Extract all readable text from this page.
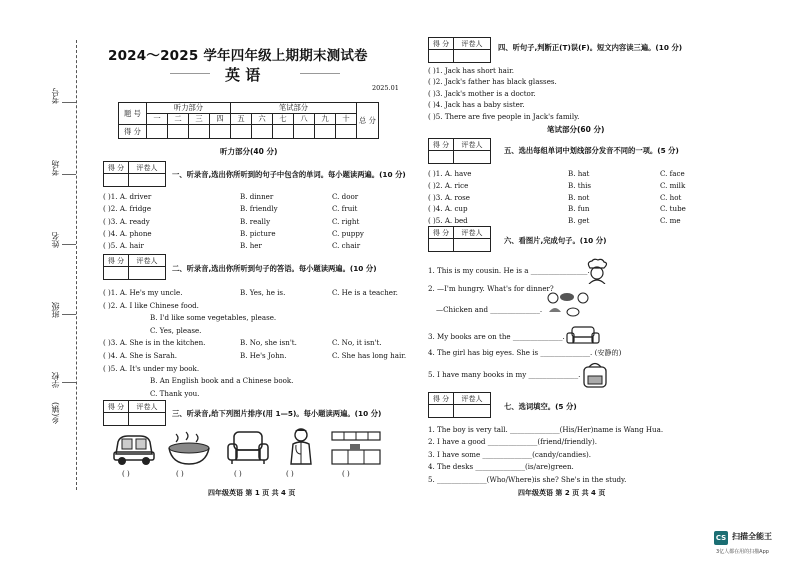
考号
考场
姓名
班级
学校
乡(镇)
2024～2025 学年四年级上期期末测试卷
英 语
2025.01
题 号	听力部分				笔试部分						总 分
	一	二	三	四	五	六	七	八	九	十	
得 分											
听力部分(40 分)
得 分	评卷人
一、听录音,选出你所听到的句子中包含的单词。每小题读两遍。(10 分)
( )1. A. driver	B. dinner	C. door
( )2. A. fridge	B. friendly	C. fruit
( )3. A. ready	B. really	C. right
( )4. A. phone	B. picture	C. puppy
( )5. A. hair	B. her	C. chair
得 分	评卷人
二、听录音,选出你所听到句子的答语。每小题读两遍。(10 分)
( )1. A. He's my uncle.	B. Yes, he is.	C. He is a teacher.
( )2. A. I like Chinese food.
B. I'd like some vegetables, please.
C. Yes, please.
( )3. A. She is in the kitchen.	B. No, she isn't.	C. No, it isn't.
( )4. A. She is Sarah.	B. He's John.	C. She has long hair.
( )5. A. It's under my book.
B. An English book and a Chinese book.
C. Thank you.
得 分	评卷人
三、听录音,给下列图片排序(用 1—5)。每小题读两遍。(10 分)
( )	( )	( )	( )	( )
四年级英语 第 1 页 共 4 页
得 分	评卷人	四、听句子,判断正(T)误(F)。短文内容读三遍。(10 分)
( )1. Jack has short hair.
( )2. Jack's father has black glasses.
( )3. Jack's mother is a doctor.
( )4. Jack has a baby sister.
( )5. There are five people in Jack's family.
笔试部分(60 分)
得 分	评卷人
五、选出每组单词中划线部分发音不同的一项。(5 分)
( )1. A. have	B. hat	C. face
( )2. A. rice	B. this	C. milk
( )3. A. rose	B. not	C. hot
( )4. A. cup	B. fun	C. tube
( )5. A. bed	B. get	C. me
得 分	评卷人
六、看图片,完成句子。(10 分)
1. This is my cousin. He is a ________________.
2. —I'm hungry. What's for dinner?
—Chicken and ______________.
3. My books are on the ______________.
4. The girl has big eyes. She is ______________. (安静的)
5. I have many books in my ______________.
得 分	评卷人
七、选词填空。(5 分)
1. The boy is very tall. ______________(His/Her)name is Wang Hua.
2. I have a good ______________(friend/friendly).
3. I have some ______________(candy/candies).
4. The desks ______________(is/are)green.
5. ______________(Who/Where)is she? She's in the study.
四年级英语 第 2 页 共 4 页
CS 扫描全能王
3亿人都在用的扫描App
